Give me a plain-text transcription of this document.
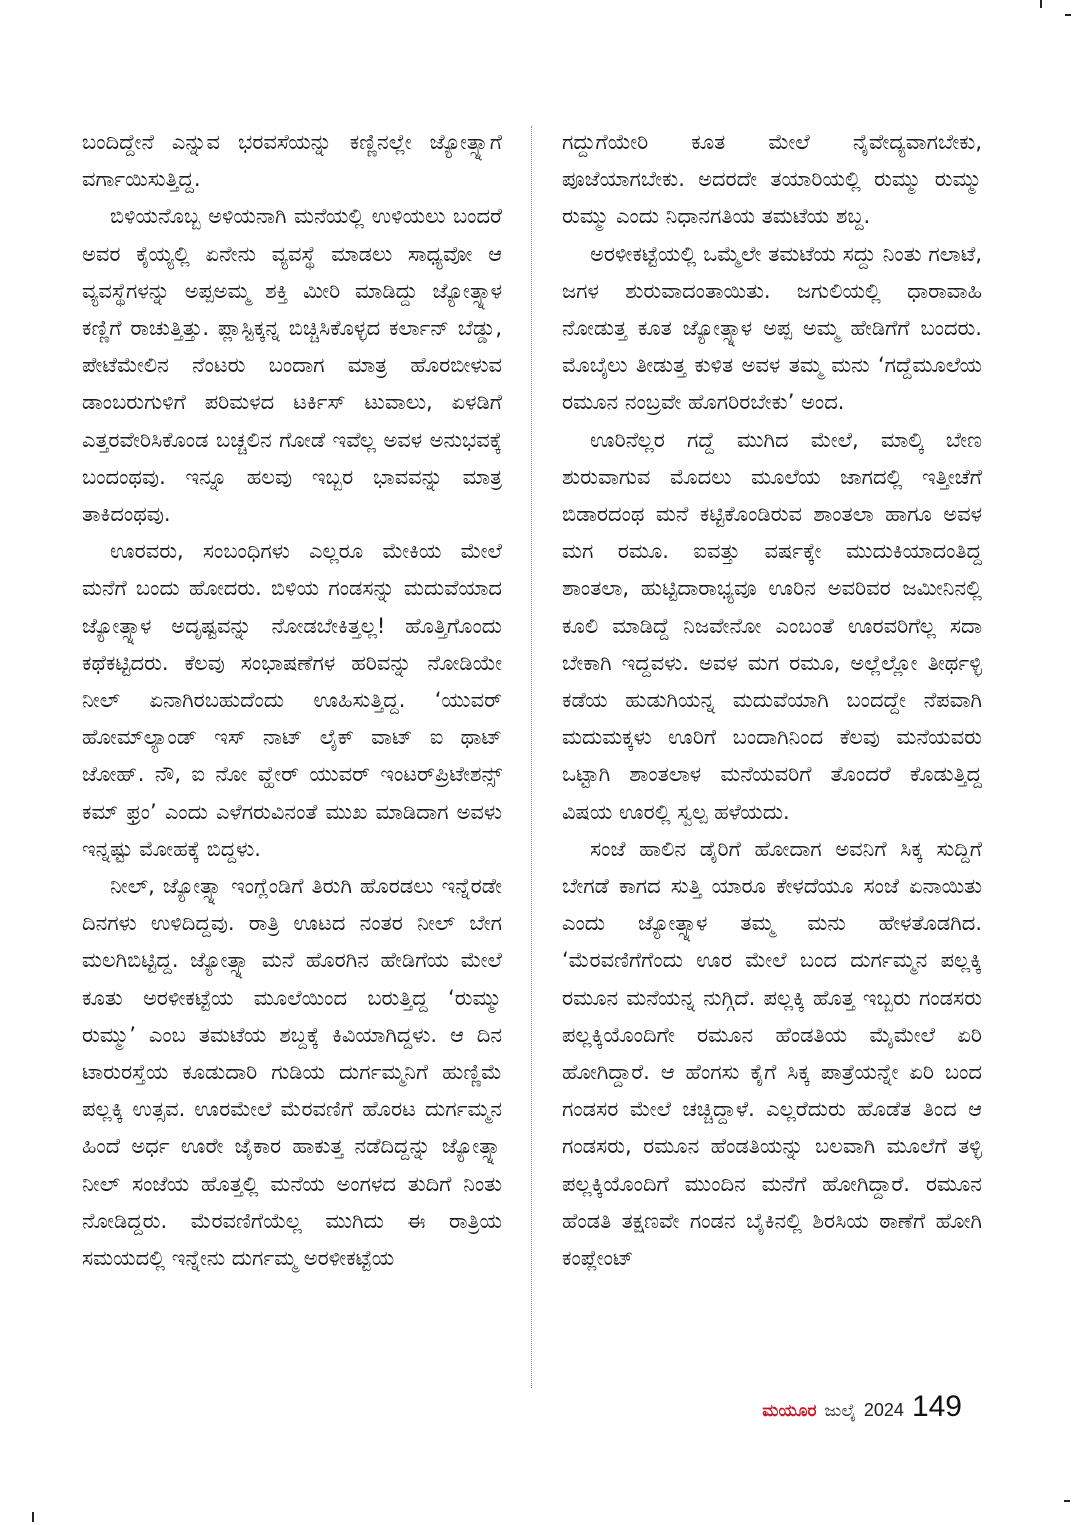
ಬಂದಿದ್ದೇನೆ ಎನ್ನುವ ಭರವಸೆಯನ್ನು ಕಣ್ಣಿನಲ್ಲೇ ಜ್ಯೋತ್ಸ್ನಾಗೆ ವರ್ಗಾಯಿಸುತ್ತಿದ್ದ.

ಬಿಳಿಯನೊಬ್ಬ ಅಳಿಯನಾಗಿ ಮನೆಯಲ್ಲಿ ಉಳಿಯಲು ಬಂದರೆ ಅವರ ಕೈಯ್ಯಲ್ಲಿ ಏನೇನು ವ್ಯವಸ್ಥೆ ಮಾಡಲು ಸಾಧ್ಯವೋ ಆ ವ್ಯವಸ್ಥೆಗಳನ್ನು ಅಪ್ಪಅಮ್ಮ ಶಕ್ತಿ ಮೀರಿ ಮಾಡಿದ್ದು ಜ್ಯೋತ್ಸ್ನಾಳ ಕಣ್ಣಿಗೆ ರಾಚುತ್ತಿತ್ತು. ಪ್ಲಾಸ್ಟಿಕ್ಕನ್ನ ಬಿಚ್ಚಿಸಿಕೊಳ್ಳದ ಕರ್ಲಾನ್ ಬೆಡ್ಡು, ಪೇಟೆಮೇಲಿನ ನೆಂಟರು ಬಂದಾಗ ಮಾತ್ರ ಹೊರಬೀಳುವ ಡಾಂಬರುಗುಳಿಗೆ ಪರಿಮಳದ ಟರ್ಕಿಸ್ ಟುವಾಲು, ಏಳಡಿಗೆ ಎತ್ತರವೇರಿಸಿಕೊಂಡ ಬಚ್ಚಲಿನ ಗೋಡೆ ಇವೆಲ್ಲ ಅವಳ ಅನುಭವಕ್ಕೆ ಬಂದಂಥವು. ಇನ್ನೂ ಹಲವು ಇಬ್ಬರ ಭಾವವನ್ನು ಮಾತ್ರ ತಾಕಿದಂಥವು.

ಊರವರು, ಸಂಬಂಧಿಗಳು ಎಲ್ಲರೂ ಮೇಕಿಯ ಮೇಲೆ ಮನೆಗೆ ಬಂದು ಹೋದರು. ಬಿಳಿಯ ಗಂಡಸನ್ನು ಮದುವೆಯಾದ ಜ್ಯೋತ್ಸ್ನಾಳ ಅದೃಷ್ಟವನ್ನು ನೋಡಬೇಕಿತ್ತಲ್ಲ! ಹೊತ್ತಿಗೊಂದು ಕಥೆಕಟ್ಟಿದರು. ಕೆಲವು ಸಂಭಾಷಣೆಗಳ ಹರಿವನ್ನು ನೋಡಿಯೇ ನೀಲ್ ಏನಾಗಿರಬಹುದೆಂದು ಊಹಿಸುತ್ತಿದ್ದ. ‘ಯುವರ್ ಹೋಮ್‌ಲ್ಯಾಂಡ್ ಇಸ್ ನಾಟ್ ಲೈಕ್ ವಾಟ್ ಐ ಥಾಟ್ ಜೋಹ್. ನೌ, ಐ ನೋ ವ್ಹೇರ್ ಯುವರ್ ಇಂಟರ್‌ಪ್ರಿಟೇಶನ್ಸ್ ಕಮ್ ಫ್ರಂ’ ಎಂದು ಎಳೆಗರುವಿನಂತೆ ಮುಖ ಮಾಡಿದಾಗ ಅವಳು ಇನ್ನಷ್ಟು ಮೋಹಕ್ಕೆ ಬಿದ್ದಳು.

ನೀಲ್, ಜ್ಯೋತ್ಸ್ನಾ ಇಂಗ್ಲೆಂಡಿಗೆ ತಿರುಗಿ ಹೊರಡಲು ಇನ್ನೆರಡೇ ದಿನಗಳು ಉಳಿದಿದ್ದವು. ರಾತ್ರಿ ಊಟದ ನಂತರ ನೀಲ್ ಬೇಗ ಮಲಗಿಬಿಟ್ಟಿದ್ದ. ಜ್ಯೋತ್ಸ್ನಾ ಮನೆ ಹೊರಗಿನ ಹೇಡಿಗೆಯ ಮೇಲೆ ಕೂತು ಅರಳೀಕಟ್ಟೆಯ ಮೂಲೆಯಿಂದ ಬರುತ್ತಿದ್ದ ‘ರುಮ್ಮು ರುಮ್ಮು’ ಎಂಬ ತಮಟೆಯ ಶಬ್ದಕ್ಕೆ ಕಿವಿಯಾಗಿದ್ದಳು. ಆ ದಿನ ಟಾರುರಸ್ತೆಯ ಕೂಡುದಾರಿ ಗುಡಿಯ ದುರ್ಗಮ್ಮನಿಗೆ ಹುಣ್ಣಿಮೆ ಪಲ್ಲಕ್ಕಿ ಉತ್ಸವ. ಊರಮೇಲೆ ಮೆರವಣಿಗೆ ಹೊರಟ ದುರ್ಗಮ್ಮನ ಹಿಂದೆ ಅರ್ಧ ಊರೇ ಜೈಕಾರ ಹಾಕುತ್ತ ನಡೆದಿದ್ದನ್ನು ಜ್ಯೋತ್ಸ್ನಾ ನೀಲ್ ಸಂಜೆಯ ಹೊತ್ತಲ್ಲಿ ಮನೆಯ ಅಂಗಳದ ತುದಿಗೆ ನಿಂತು ನೋಡಿದ್ದರು. ಮೆರವಣಿಗೆಯೆಲ್ಲ ಮುಗಿದು ಈ ರಾತ್ರಿಯ ಸಮಯದಲ್ಲಿ ಇನ್ನೇನು ದುರ್ಗಮ್ಮ ಅರಳೀಕಟ್ಟೆಯ

ಗದ್ದುಗೆಯೇರಿ ಕೂತ ಮೇಲೆ ನೈವೇದ್ಯವಾಗಬೇಕು, ಪೂಜೆಯಾಗಬೇಕು. ಅದರದೇ ತಯಾರಿಯಲ್ಲಿ ರುಮ್ಮು ರುಮ್ಮು ರುಮ್ಮು ಎಂದು ನಿಧಾನಗತಿಯ ತಮಟೆಯ ಶಬ್ದ.

ಅರಳೀಕಟ್ಟೆಯಲ್ಲಿ ಒಮ್ಮೆಲೇ ತಮಟೆಯ ಸದ್ದು ನಿಂತು ಗಲಾಟೆ, ಜಗಳ ಶುರುವಾದಂತಾಯಿತು. ಜಗುಲಿಯಲ್ಲಿ ಧಾರಾವಾಹಿ ನೋಡುತ್ತ ಕೂತ ಜ್ಯೋತ್ಸ್ನಾಳ ಅಪ್ಪ ಅಮ್ಮ ಹೇಡಿಗೆಗೆ ಬಂದರು. ಮೊಬೈಲು ತೀಡುತ್ತ ಕುಳಿತ ಅವಳ ತಮ್ಮ ಮನು ‘ಗದ್ದೆಮೂಲೆಯ ರಮೂನ ನಂಬ್ರವೇ ಹೊಗರಿರಬೇಕು’ ಅಂದ.

ಊರಿನೆಲ್ಲರ ಗದ್ದೆ ಮುಗಿದ ಮೇಲೆ, ಮಾಲ್ಕಿ ಬೇಣ ಶುರುವಾಗುವ ಮೊದಲು ಮೂಲೆಯ ಜಾಗದಲ್ಲಿ ಇತ್ತೀಚೆಗೆ ಬಿಡಾರದಂಥ ಮನೆ ಕಟ್ಟಿಕೊಂಡಿರುವ ಶಾಂತಲಾ ಹಾಗೂ ಅವಳ ಮಗ ರಮೂ. ಐವತ್ತು ವರ್ಷಕ್ಕೇ ಮುದುಕಿಯಾದಂತಿದ್ದ ಶಾಂತಲಾ, ಹುಟ್ಟಿದಾರಾಭ್ಯವೂ ಊರಿನ ಅವರಿವರ ಜಮೀನಿನಲ್ಲಿ ಕೂಲಿ ಮಾಡಿದ್ದೆ ನಿಜವೇನೋ ಎಂಬಂತೆ ಊರವರಿಗೆಲ್ಲ ಸದಾ ಬೇಕಾಗಿ ಇದ್ದವಳು. ಅವಳ ಮಗ ರಮೂ, ಅಲ್ಲೆಲ್ಲೋ ತೀರ್ಥಳ್ಳಿ ಕಡೆಯ ಹುಡುಗಿಯನ್ನ ಮದುವೆಯಾಗಿ ಬಂದದ್ದೇ ನೆಪವಾಗಿ ಮದುಮಕ್ಕಳು ಊರಿಗೆ ಬಂದಾಗಿನಿಂದ ಕೆಲವು ಮನೆಯವರು ಒಟ್ಟಾಗಿ ಶಾಂತಲಾಳ ಮನೆಯವರಿಗೆ ತೊಂದರೆ ಕೊಡುತ್ತಿದ್ದ ವಿಷಯ ಊರಲ್ಲಿ ಸ್ವಲ್ಪ ಹಳೆಯದು.

ಸಂಜೆ ಹಾಲಿನ ಡೈರಿಗೆ ಹೋದಾಗ ಅವನಿಗೆ ಸಿಕ್ಕ ಸುದ್ದಿಗೆ ಬೇಗಡೆ ಕಾಗದ ಸುತ್ತಿ ಯಾರೂ ಕೇಳದೆಯೂ ಸಂಜೆ ಏನಾಯಿತು ಎಂದು ಜ್ಯೋತ್ಸ್ನಾಳ ತಮ್ಮ ಮನು ಹೇಳತೊಡಗಿದ. ‘ಮೆರವಣಿಗೆಗೆಂದು ಊರ ಮೇಲೆ ಬಂದ ದುರ್ಗಮ್ಮನ ಪಲ್ಲಕ್ಕಿ ರಮೂನ ಮನೆಯನ್ನ ನುಗ್ಗಿದೆ. ಪಲ್ಲಕ್ಕಿ ಹೊತ್ತ ಇಬ್ಬರು ಗಂಡಸರು ಪಲ್ಲಕ್ಕಿಯೊಂದಿಗೇ ರಮೂನ ಹೆಂಡತಿಯ ಮೈಮೇಲೆ ಏರಿ ಹೋಗಿದ್ದಾರೆ. ಆ ಹೆಂಗಸು ಕೈಗೆ ಸಿಕ್ಕ ಪಾತ್ರೆಯನ್ನೇ ಏರಿ ಬಂದ ಗಂಡಸರ ಮೇಲೆ ಚಚ್ಚಿದ್ದಾಳೆ. ಎಲ್ಲರೆದುರು ಹೊಡೆತ ತಿಂದ ಆ ಗಂಡಸರು, ರಮೂನ ಹೆಂಡತಿಯನ್ನು ಬಲವಾಗಿ ಮೂಲೆಗೆ ತಳ್ಳಿ ಪಲ್ಲಕ್ಕಿಯೊಂದಿಗೆ ಮುಂದಿನ ಮನೆಗೆ ಹೋಗಿದ್ದಾರೆ. ರಮೂನ ಹೆಂಡತಿ ತಕ್ಷಣವೇ ಗಂಡನ ಬೈಕಿನಲ್ಲಿ ಶಿರಸಿಯ ಠಾಣೆಗೆ ಹೋಗಿ ಕಂಪ್ಲೇಂಟ್

ಮಯೂರ ಜುಲೈ 2024 149
